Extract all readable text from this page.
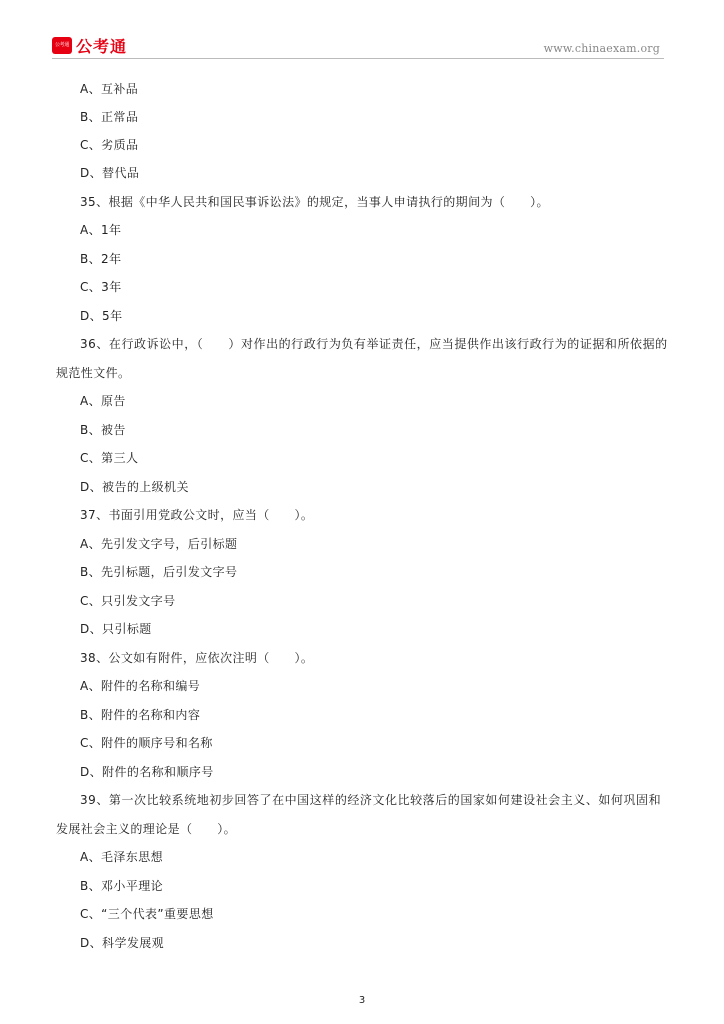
公考通 公考通	www.chinaexam.org
A、互补品
B、正常品
C、劣质品
D、替代品
35、根据《中华人民共和国民事诉讼法》的规定，当事人申请执行的期间为（　　）。
A、1年
B、2年
C、3年
D、5年
36、在行政诉讼中，（　　）对作出的行政行为负有举证责任，应当提供作出该行政行为的证据和所依据的
规范性文件。
A、原告
B、被告
C、第三人
D、被告的上级机关
37、书面引用党政公文时，应当（　　）。
A、先引发文字号，后引标题
B、先引标题，后引发文字号
C、只引发文字号
D、只引标题
38、公文如有附件，应依次注明（　　）。
A、附件的名称和编号
B、附件的名称和内容
C、附件的顺序号和名称
D、附件的名称和顺序号
39、第一次比较系统地初步回答了在中国这样的经济文化比较落后的国家如何建设社会主义、如何巩固和
发展社会主义的理论是（　　）。
A、毛泽东思想
B、邓小平理论
C、“三个代表”重要思想
D、科学发展观
3
